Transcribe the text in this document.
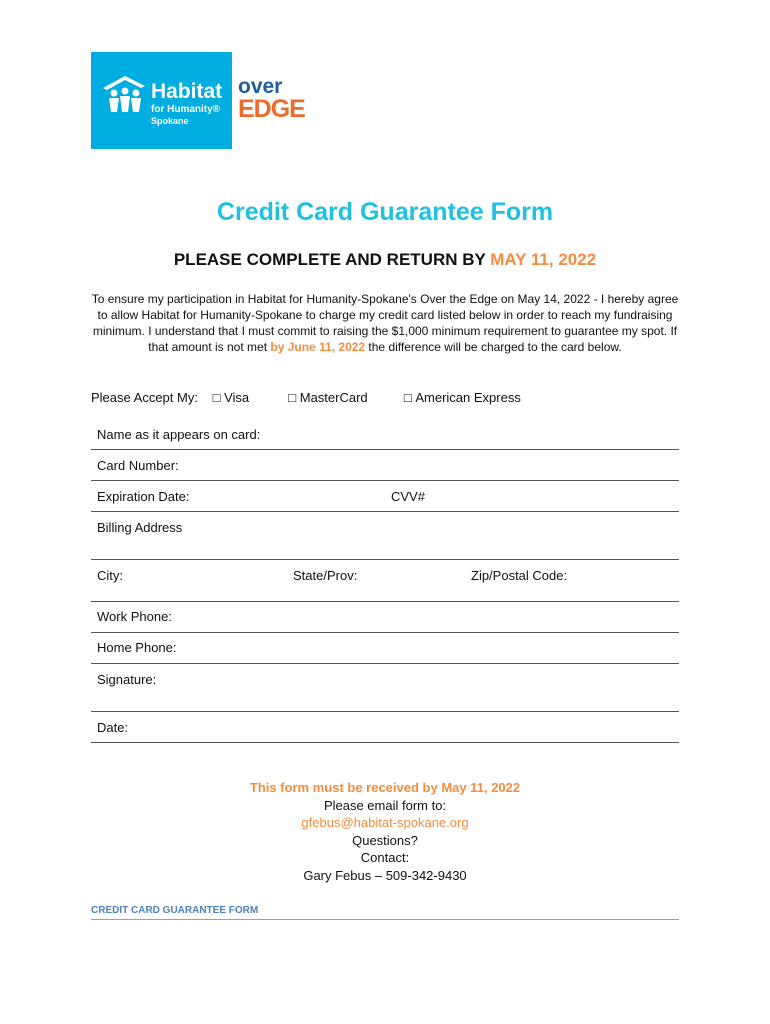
Habitat
for Humanity®
Spokane
over
EDGE
Credit Card Guarantee Form
PLEASE COMPLETE AND RETURN BY MAY 11, 2022
To ensure my participation in Habitat for Humanity-Spokane's Over the Edge on May 14, 2022 - I hereby agree to allow Habitat for Humanity-Spokane to charge my credit card listed below in order to reach my fundraising minimum. I understand that I must commit to raising the $1,000 minimum requirement to guarantee my spot. If that amount is not met by June 11, 2022 the difference will be charged to the card below.
Please Accept My: □ Visa	□ MasterCard	□ American Express
Name as it appears on card:
Card Number:
Expiration Date:	CVV#
Billing Address
City:	State/Prov:	Zip/Postal Code:
Work Phone:
Home Phone:
Signature:
Date:
This form must be received by May 11, 2022
Please email form to:
gfebus@habitat-spokane.org
Questions?
Contact:
Gary Febus – 509-342-9430
CREDIT CARD GUARANTEE FORM
